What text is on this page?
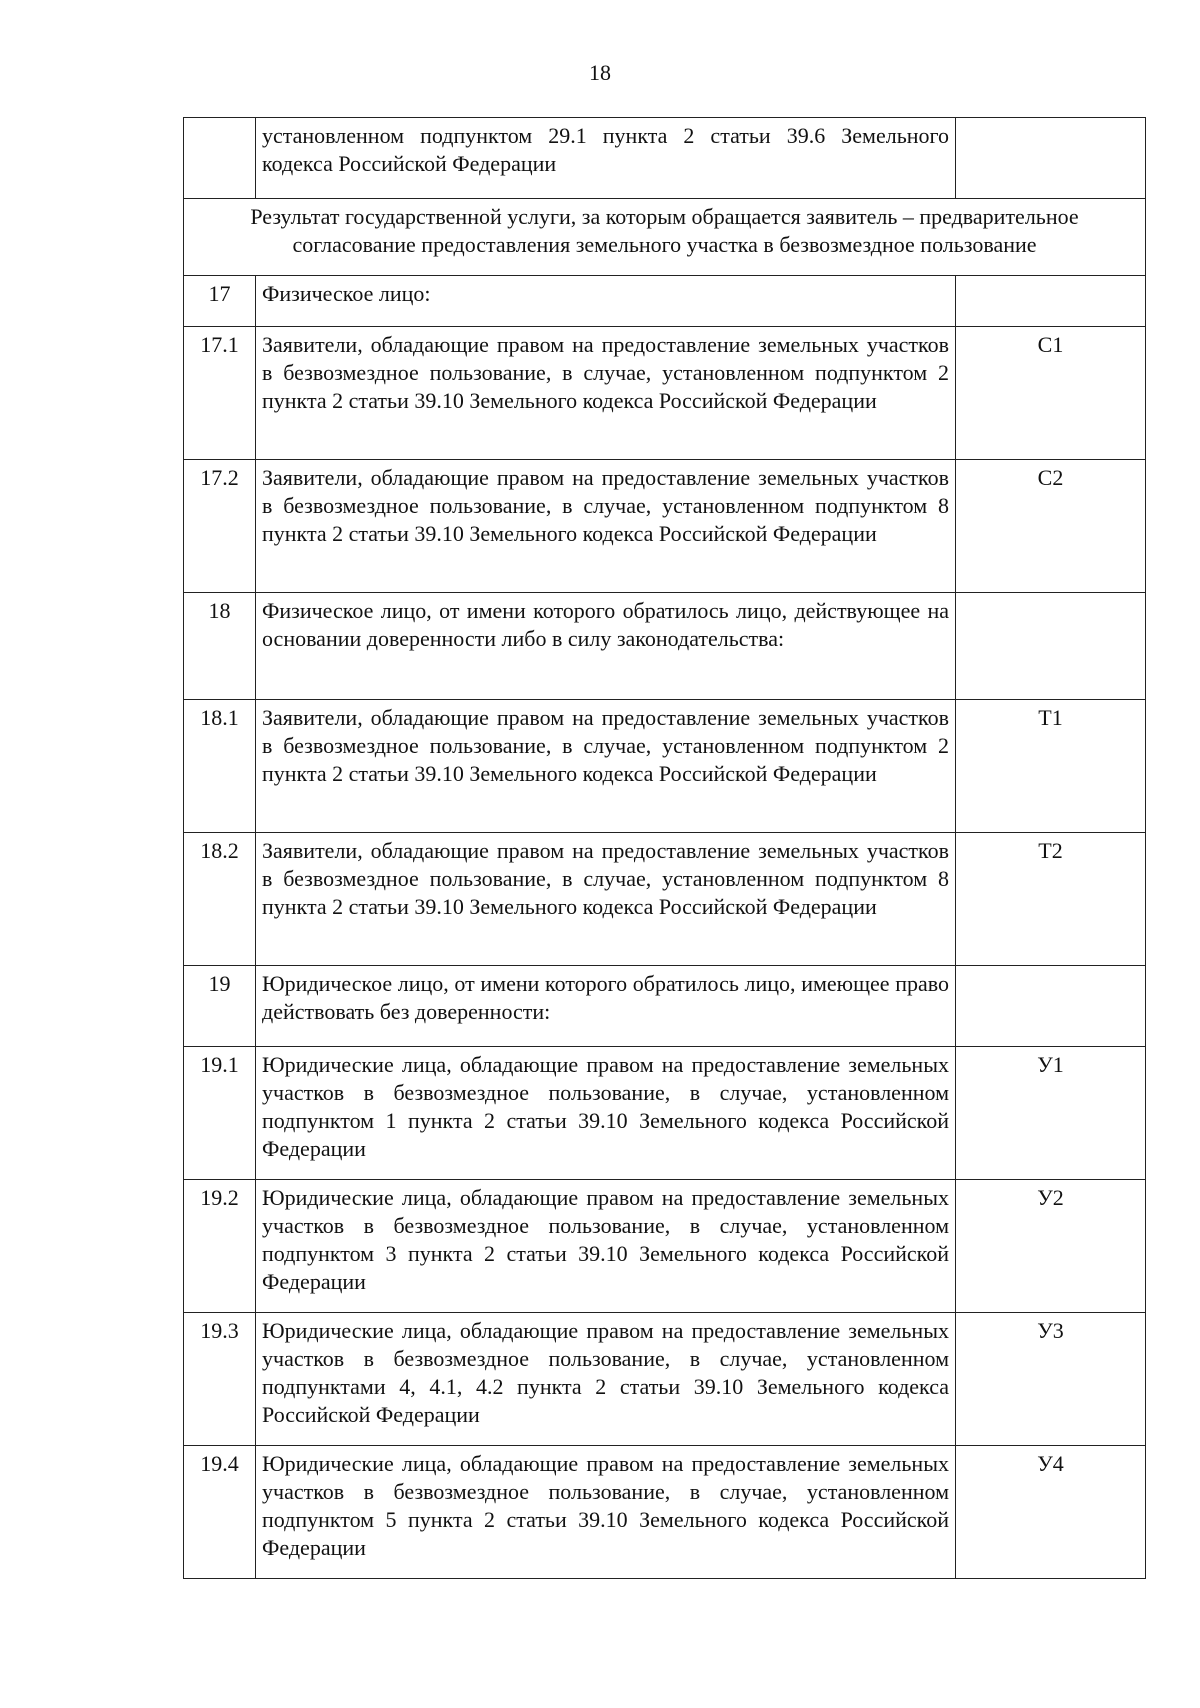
18
	установленном подпунктом 29.1 пункта 2 статьи 39.6 Земельного кодекса Российской Федерации	
Результат государственной услуги, за которым обращается заявитель – предварительное согласование предоставления земельного участка в безвозмездное пользование		
17	Физическое лицо:	
17.1	Заявители, обладающие правом на предоставление земельных участков в безвозмездное пользование, в случае, установленном подпунктом 2 пункта 2 статьи 39.10 Земельного кодекса Российской Федерации	С1
17.2	Заявители, обладающие правом на предоставление земельных участков в безвозмездное пользование, в случае, установленном подпунктом 8 пункта 2 статьи 39.10 Земельного кодекса Российской Федерации	С2
18	Физическое лицо, от имени которого обратилось лицо, действующее на основании доверенности либо в силу законодательства:	
18.1	Заявители, обладающие правом на предоставление земельных участков в безвозмездное пользование, в случае, установленном подпунктом 2 пункта 2 статьи 39.10 Земельного кодекса Российской Федерации	Т1
18.2	Заявители, обладающие правом на предоставление земельных участков в безвозмездное пользование, в случае, установленном подпунктом 8 пункта 2 статьи 39.10 Земельного кодекса Российской Федерации	Т2
19	Юридическое лицо, от имени которого обратилось лицо, имеющее право действовать без доверенности:	
19.1	Юридические лица, обладающие правом на предоставление земельных участков в безвозмездное пользование, в случае, установленном подпунктом 1 пункта 2 статьи 39.10 Земельного кодекса Российской Федерации	У1
19.2	Юридические лица, обладающие правом на предоставление земельных участков в безвозмездное пользование, в случае, установленном подпунктом 3 пункта 2 статьи 39.10 Земельного кодекса Российской Федерации	У2
19.3	Юридические лица, обладающие правом на предоставление земельных участков в безвозмездное пользование, в случае, установленном подпунктами 4, 4.1, 4.2 пункта 2 статьи 39.10 Земельного кодекса Российской Федерации	У3
19.4	Юридические лица, обладающие правом на предоставление земельных участков в безвозмездное пользование, в случае, установленном подпунктом 5 пункта 2 статьи 39.10 Земельного кодекса Российской Федерации	У4
